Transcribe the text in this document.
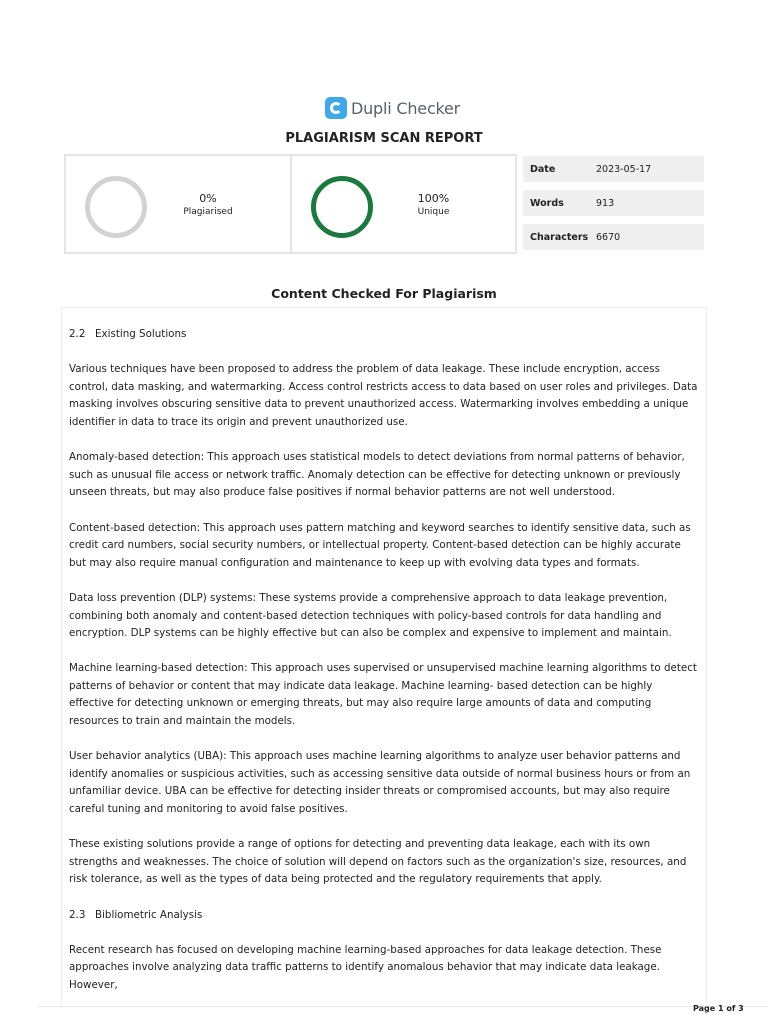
Dupli Checker
PLAGIARISM SCAN REPORT
0%
Plagiarised
100%
Unique
Date	2023-05-17
Words	913
Characters 6670
Content Checked For Plagiarism

2.2 Existing Solutions

Various techniques have been proposed to address the problem of data leakage. These include encryption, access control, data masking, and watermarking. Access control restricts access to data based on user roles and privileges. Data masking involves obscuring sensitive data to prevent unauthorized access. Watermarking involves embedding a unique identifier in data to trace its origin and prevent unauthorized use.

Anomaly-based detection: This approach uses statistical models to detect deviations from normal patterns of behavior, such as unusual file access or network traffic. Anomaly detection can be effective for detecting unknown or previously unseen threats, but may also produce false positives if normal behavior patterns are not well understood.

Content-based detection: This approach uses pattern matching and keyword searches to identify sensitive data, such as credit card numbers, social security numbers, or intellectual property. Content-based detection can be highly accurate but may also require manual configuration and maintenance to keep up with evolving data types and formats.

Data loss prevention (DLP) systems: These systems provide a comprehensive approach to data leakage prevention, combining both anomaly and content-based detection techniques with policy-based controls for data handling and encryption. DLP systems can be highly effective but can also be complex and expensive to implement and maintain.

Machine learning-based detection: This approach uses supervised or unsupervised machine learning algorithms to detect patterns of behavior or content that may indicate data leakage. Machine learning- based detection can be highly effective for detecting unknown or emerging threats, but may also require large amounts of data and computing resources to train and maintain the models.

User behavior analytics (UBA): This approach uses machine learning algorithms to analyze user behavior patterns and identify anomalies or suspicious activities, such as accessing sensitive data outside of normal business hours or from an unfamiliar device. UBA can be effective for detecting insider threats or compromised accounts, but may also require careful tuning and monitoring to avoid false positives.

These existing solutions provide a range of options for detecting and preventing data leakage, each with its own strengths and weaknesses. The choice of solution will depend on factors such as the organization's size, resources, and risk tolerance, as well as the types of data being protected and the regulatory requirements that apply.

2.3 Bibliometric Analysis

Recent research has focused on developing machine learning-based approaches for data leakage detection. These approaches involve analyzing data traffic patterns to identify anomalous behavior that may indicate data leakage. However,

Page 1 of 3
